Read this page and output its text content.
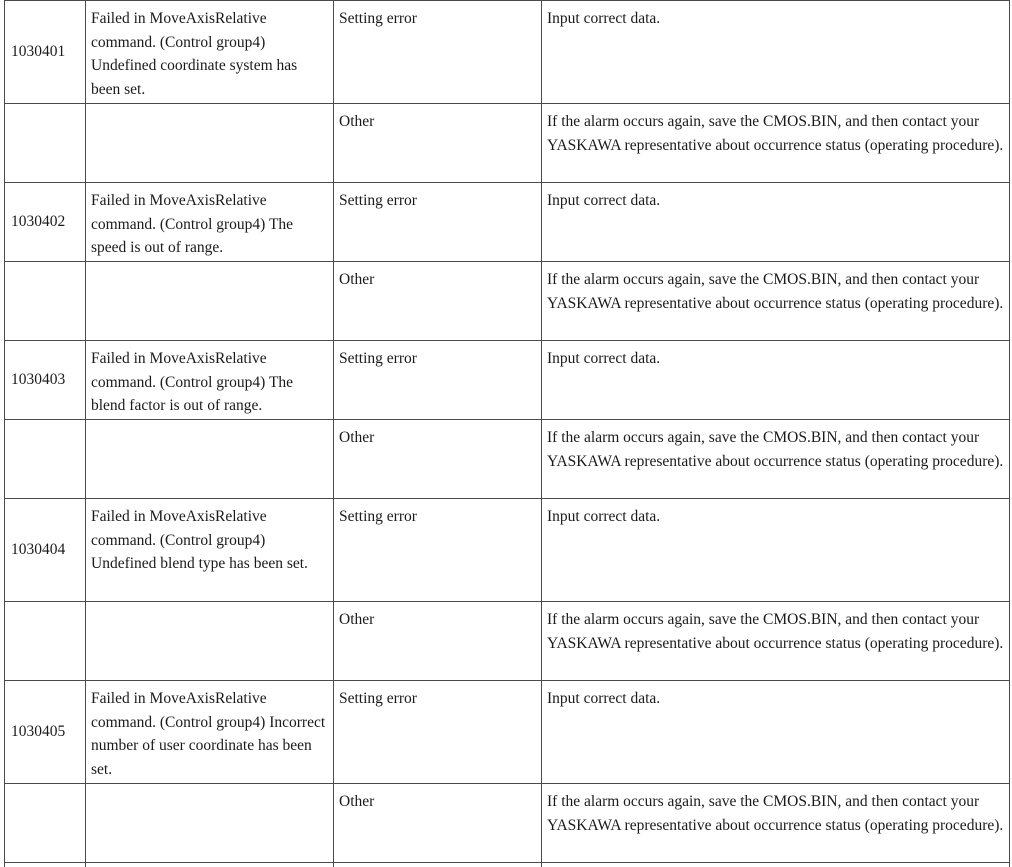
1030401	Failed in MoveAxisRelative command. (Control group4) Undefined coordinate system has been set.	Setting error	Input correct data.
		Other	If the alarm occurs again, save the CMOS.BIN, and then contact your YASKAWA representative about occurrence status (operating procedure).
1030402	Failed in MoveAxisRelative command. (Control group4) The speed is out of range.	Setting error	Input correct data.
		Other	If the alarm occurs again, save the CMOS.BIN, and then contact your YASKAWA representative about occurrence status (operating procedure).
1030403	Failed in MoveAxisRelative command. (Control group4) The blend factor is out of range.	Setting error	Input correct data.
		Other	If the alarm occurs again, save the CMOS.BIN, and then contact your YASKAWA representative about occurrence status (operating procedure).
1030404	Failed in MoveAxisRelative command. (Control group4) Undefined blend type has been set.	Setting error	Input correct data.
		Other	If the alarm occurs again, save the CMOS.BIN, and then contact your YASKAWA representative about occurrence status (operating procedure).
1030405	Failed in MoveAxisRelative command. (Control group4) Incorrect number of user coordinate has been set.	Setting error	Input correct data.
		Other	If the alarm occurs again, save the CMOS.BIN, and then contact your YASKAWA representative about occurrence status (operating procedure).
